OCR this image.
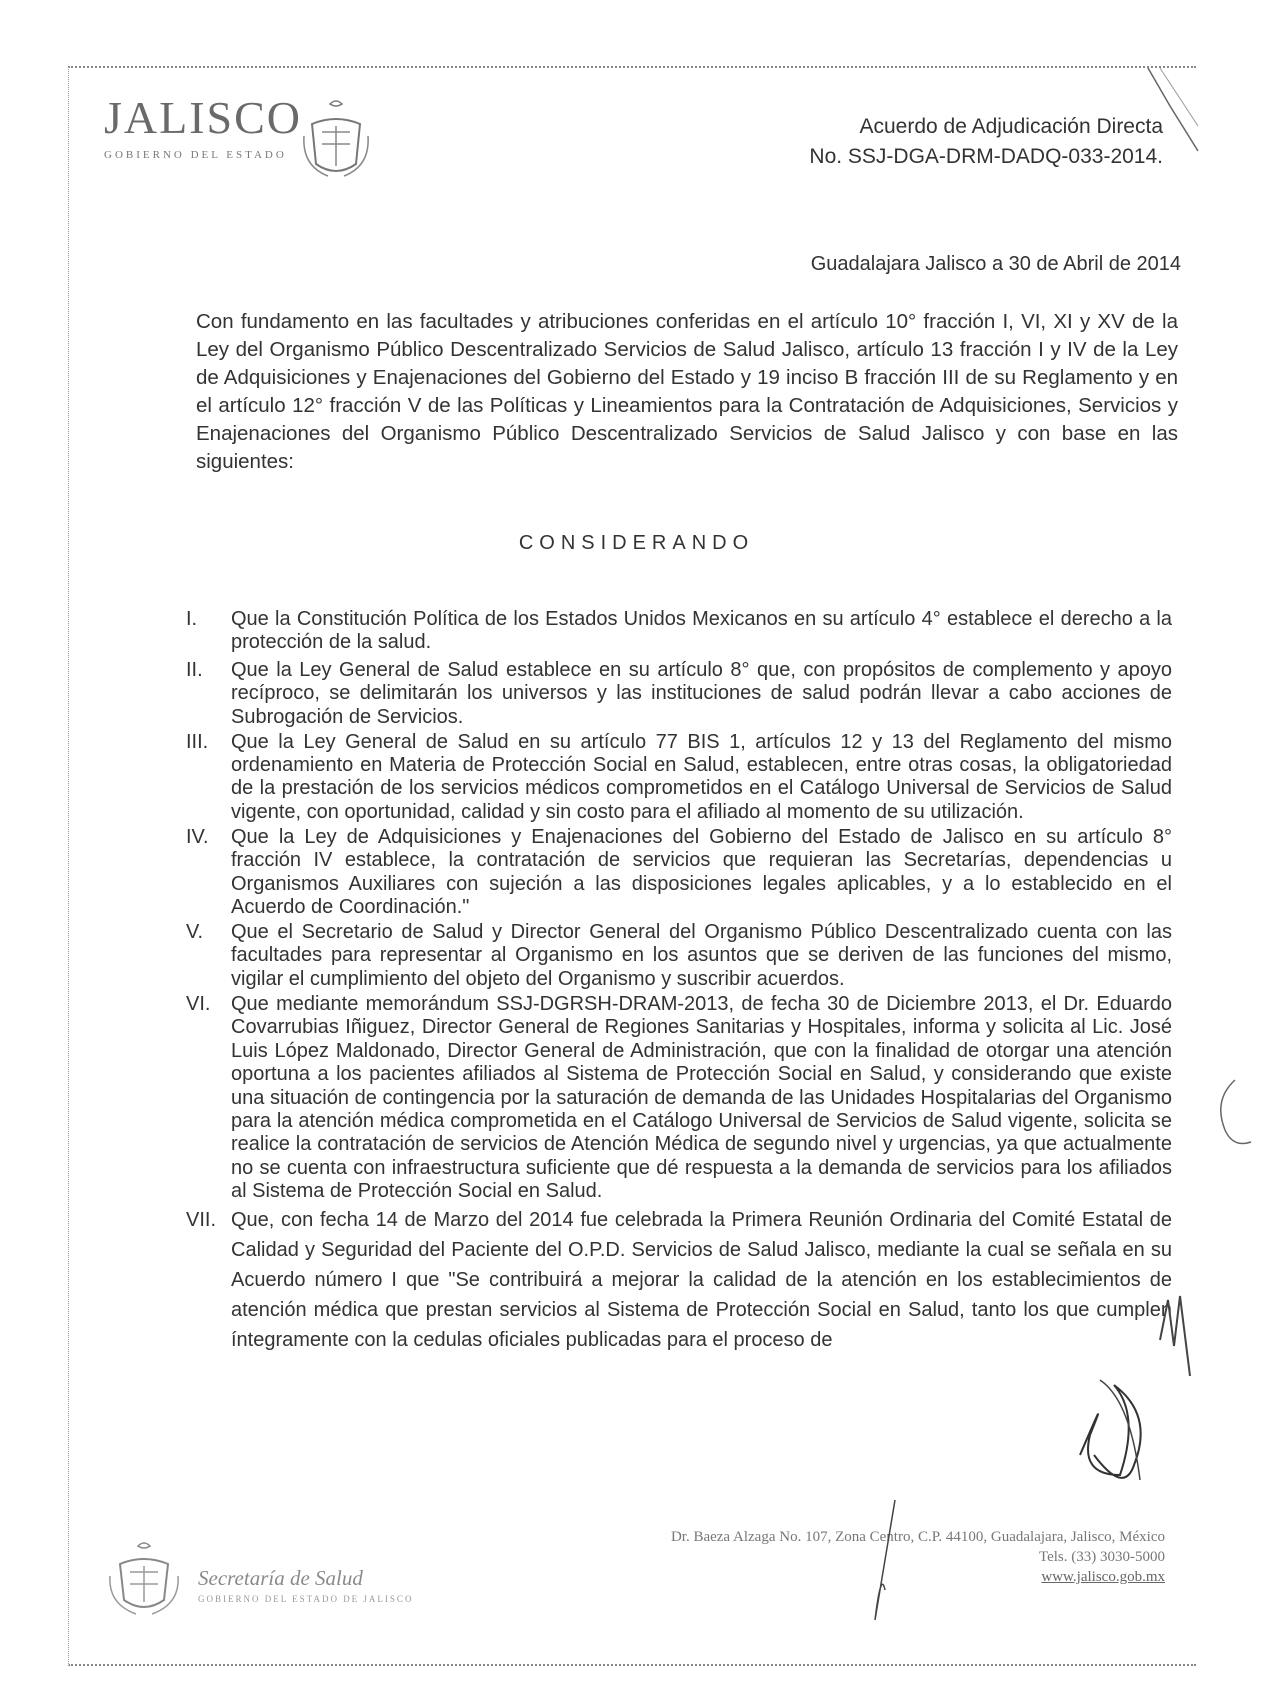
JALISCO
GOBIERNO DEL ESTADO
Acuerdo de Adjudicación Directa
No. SSJ-DGA-DRM-DADQ-033-2014.
Guadalajara Jalisco a 30 de Abril de 2014
Con fundamento en las facultades y atribuciones conferidas en el artículo 10° fracción I, VI, XI y XV de la Ley del Organismo Público Descentralizado Servicios de Salud Jalisco, artículo 13 fracción I y IV de la Ley de Adquisiciones y Enajenaciones del Gobierno del Estado y 19 inciso B fracción III de su Reglamento y en el artículo 12° fracción V de las Políticas y Lineamientos para la Contratación de Adquisiciones, Servicios y Enajenaciones del Organismo Público Descentralizado Servicios de Salud Jalisco y con base en las siguientes:
CONSIDERANDO
I.	Que la Constitución Política de los Estados Unidos Mexicanos en su artículo 4° establece el derecho a la protección de la salud.
II.	Que la Ley General de Salud establece en su artículo 8° que, con propósitos de complemento y apoyo recíproco, se delimitarán los universos y las instituciones de salud podrán llevar a cabo acciones de Subrogación de Servicios.
III.	Que la Ley General de Salud en su artículo 77 BIS 1, artículos 12 y 13 del Reglamento del mismo ordenamiento en Materia de Protección Social en Salud, establecen, entre otras cosas, la obligatoriedad de la prestación de los servicios médicos comprometidos en el Catálogo Universal de Servicios de Salud vigente, con oportunidad, calidad y sin costo para el afiliado al momento de su utilización.
IV.	Que la Ley de Adquisiciones y Enajenaciones del Gobierno del Estado de Jalisco en su artículo 8° fracción IV establece, la contratación de servicios que requieran las Secretarías, dependencias u Organismos Auxiliares con sujeción a las disposiciones legales aplicables, y a lo establecido en el Acuerdo de Coordinación."
V.	Que el Secretario de Salud y Director General del Organismo Público Descentralizado cuenta con las facultades para representar al Organismo en los asuntos que se deriven de las funciones del mismo, vigilar el cumplimiento del objeto del Organismo y suscribir acuerdos.
VI.	Que mediante memorándum SSJ-DGRSH-DRAM-2013, de fecha 30 de Diciembre 2013, el Dr. Eduardo Covarrubias Iñiguez, Director General de Regiones Sanitarias y Hospitales, informa y solicita al Lic. José Luis López Maldonado, Director General de Administración, que con la finalidad de otorgar una atención oportuna a los pacientes afiliados al Sistema de Protección Social en Salud, y considerando que existe una situación de contingencia por la saturación de demanda de las Unidades Hospitalarias del Organismo para la atención médica comprometida en el Catálogo Universal de Servicios de Salud vigente, solicita se realice la contratación de servicios de Atención Médica de segundo nivel y urgencias, ya que actualmente no se cuenta con infraestructura suficiente que dé respuesta a la demanda de servicios para los afiliados al Sistema de Protección Social en Salud.
VII. Que, con fecha 14 de Marzo del 2014 fue celebrada la Primera Reunión Ordinaria del Comité Estatal de Calidad y Seguridad del Paciente del O.P.D. Servicios de Salud Jalisco, mediante la cual se señala en su Acuerdo número I que "Se contribuirá a mejorar la calidad de la atención en los establecimientos de atención médica que prestan servicios al Sistema de Protección Social en Salud, tanto los que cumplen íntegramente con la cedulas oficiales publicadas para el proceso de
Dr. Baeza Alzaga No. 107, Zona Centro, C.P. 44100, Guadalajara, Jalisco, México
Tels. (33) 3030-5000
www.jalisco.gob.mx
Secretaría de Salud
GOBIERNO DEL ESTADO DE JALISCO
